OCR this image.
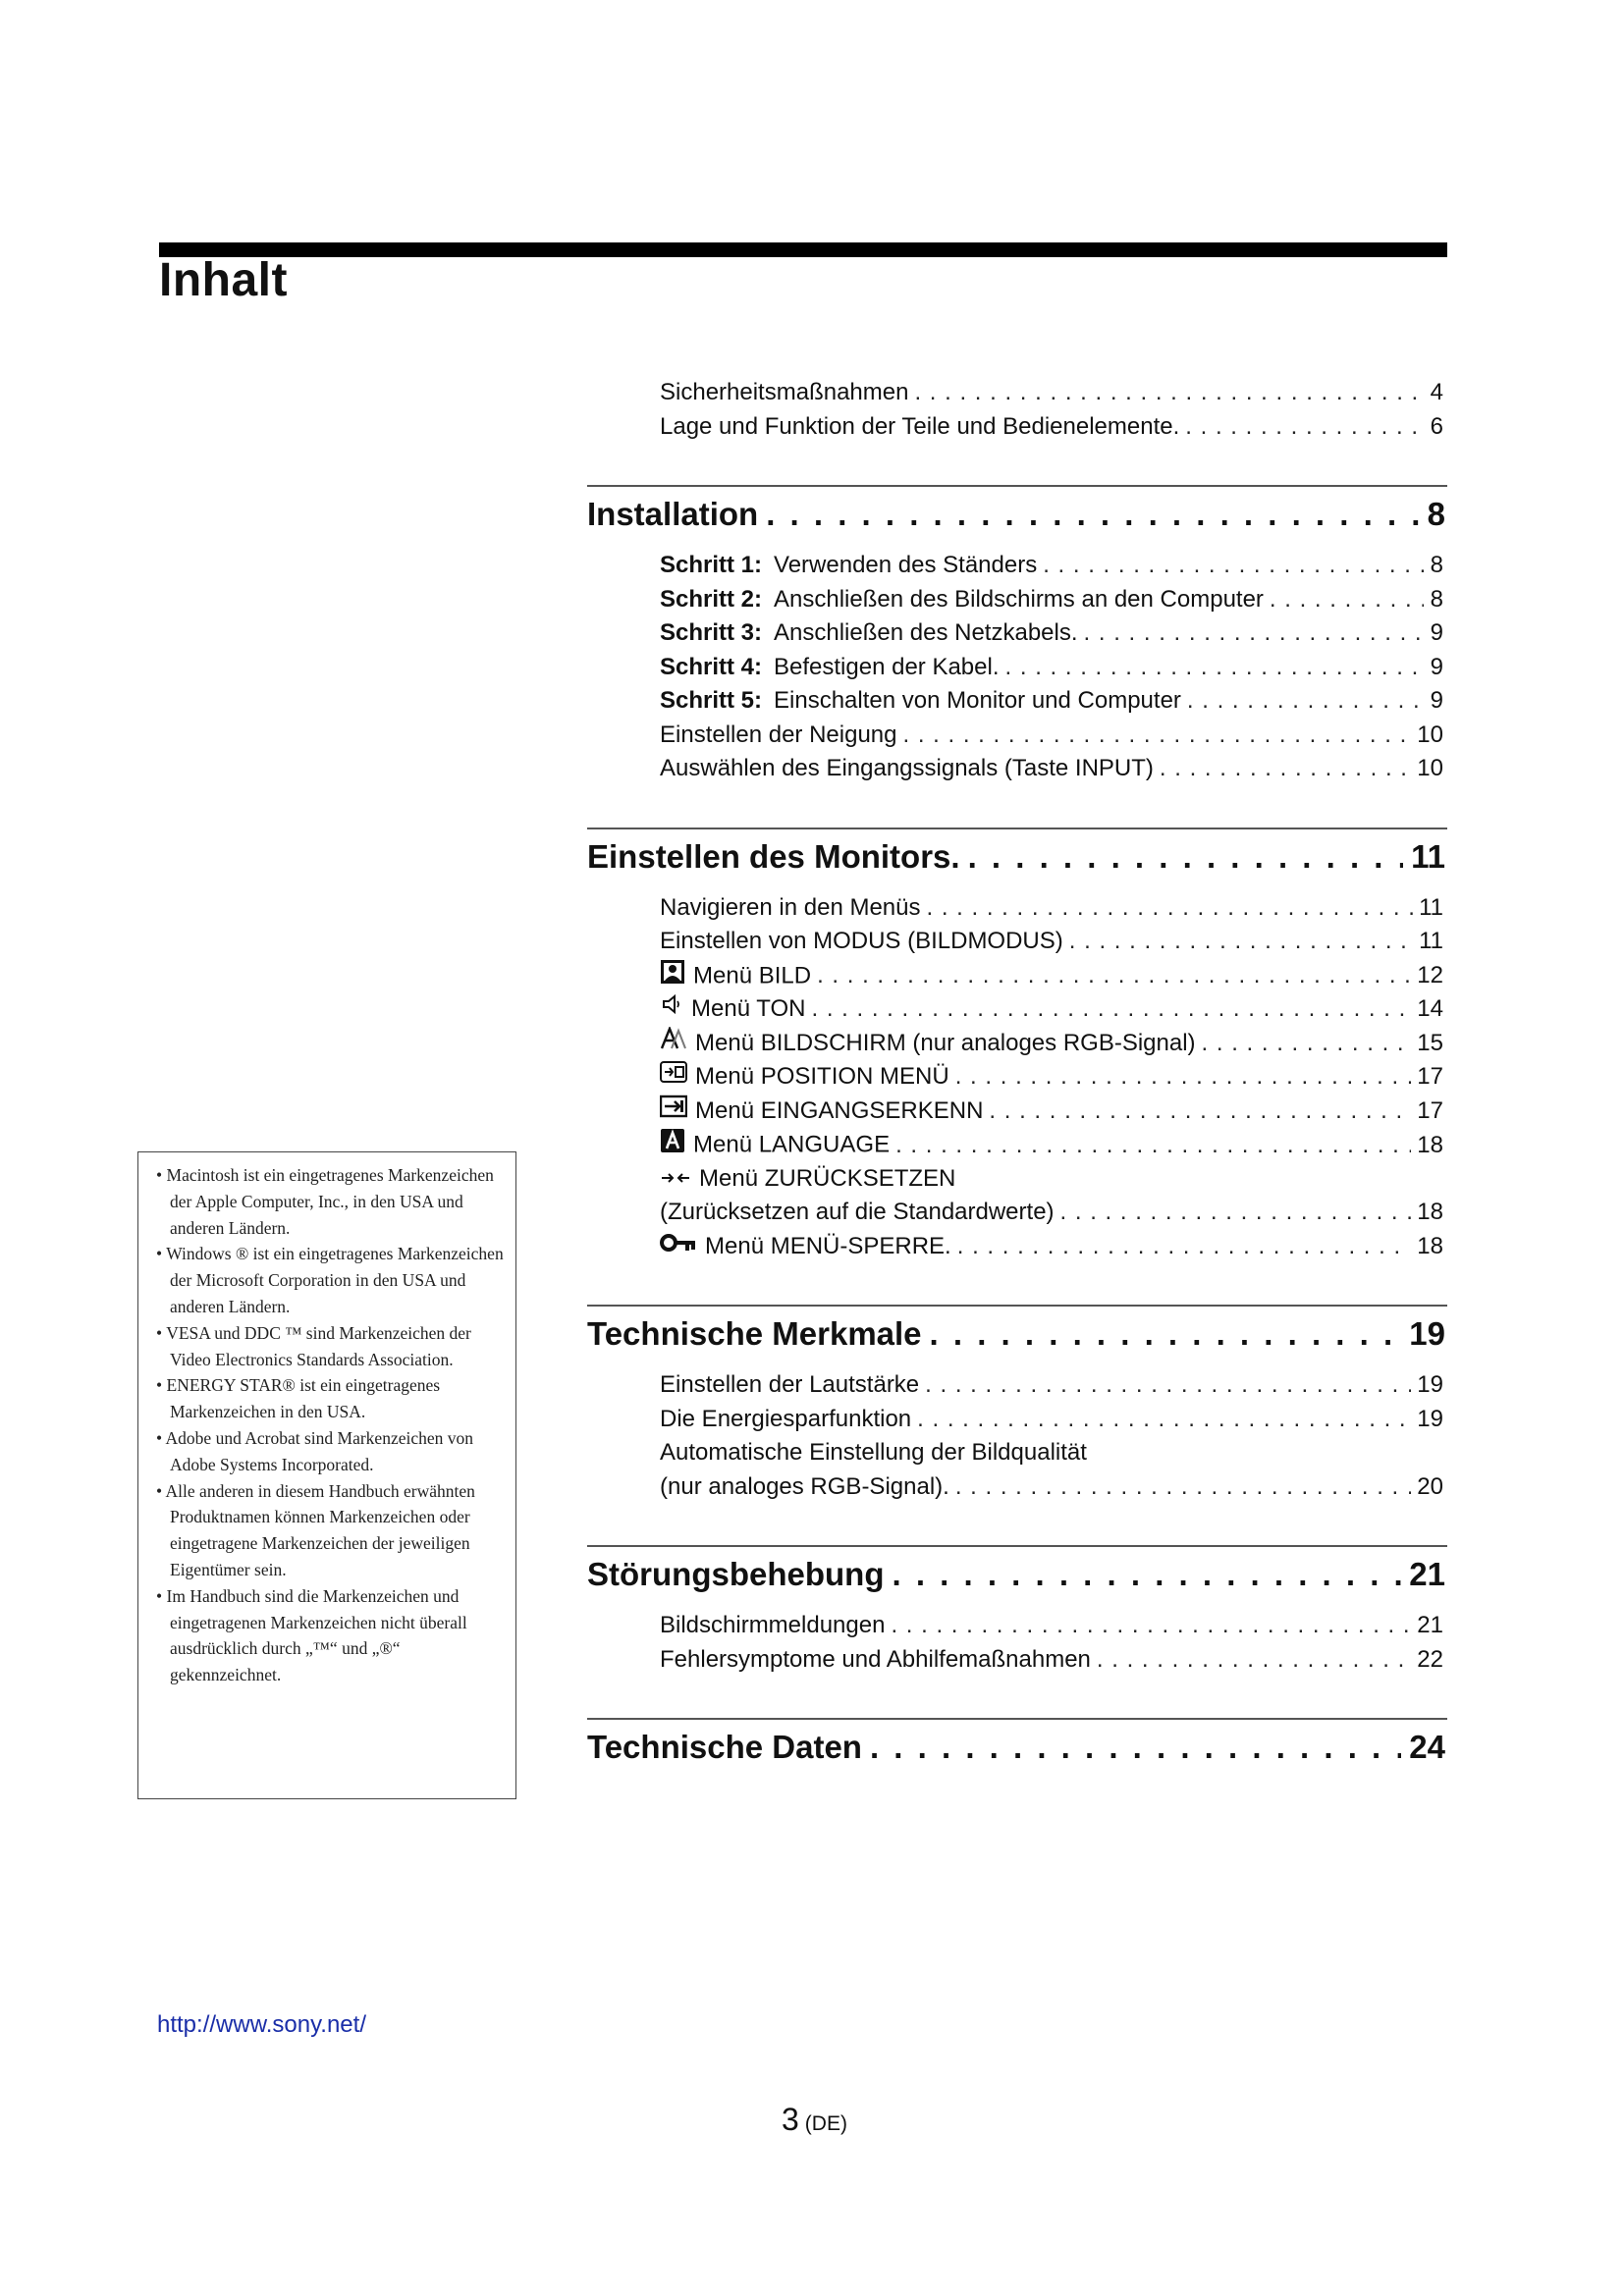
Inhalt
Sicherheitsmaßnahmen . . .	4
Lage und Funktion der Teile und Bedienelemente. . . .	6
Installation . . .	8
Schritt 1: Verwenden des Ständers . . .	8
Schritt 2: Anschließen des Bildschirms an den Computer . . .	8
Schritt 3: Anschließen des Netzkabels. . . .	9
Schritt 4: Befestigen der Kabel. . . .	9
Schritt 5: Einschalten von Monitor und Computer . . .	9
Einstellen der Neigung . . .	10
Auswählen des Eingangssignals (Taste INPUT) . . .	10
Einstellen des Monitors. . . .	11
Navigieren in den Menüs . . .	11
Einstellen von MODUS (BILDMODUS) . . .	11
Menü BILD . . .	12
Menü TON . . .	14
Menü BILDSCHIRM (nur analoges RGB-Signal) . . .	15
Menü POSITION MENÜ . . .	17
Menü EINGANGSERKENN . . .	17
Menü LANGUAGE . . .	18
Menü ZURÜCKSETZEN
(Zurücksetzen auf die Standardwerte) . . .	18
Menü MENÜ-SPERRE. . . .	18
Technische Merkmale . . .	19
Einstellen der Lautstärke . . .	19
Die Energiesparfunktion . . .	19
Automatische Einstellung der Bildqualität
(nur analoges RGB-Signal). . . .	20
Störungsbehebung . . .	21
Bildschirmmeldungen . . .	21
Fehlersymptome und Abhilfemaßnahmen . . .	22
Technische Daten . . .	24
• Macintosh ist ein eingetragenes Markenzeichen der Apple Computer, Inc., in den USA und anderen Ländern.
• Windows ® ist ein eingetragenes Markenzeichen der Microsoft Corporation in den USA und anderen Ländern.
• VESA und DDC ™ sind Markenzeichen der Video Electronics Standards Association.
• ENERGY STAR® ist ein eingetragenes Markenzeichen in den USA.
• Adobe und Acrobat sind Markenzeichen von Adobe Systems Incorporated.
• Alle anderen in diesem Handbuch erwähnten Produktnamen können Markenzeichen oder eingetragene Markenzeichen der jeweiligen Eigentümer sein.
• Im Handbuch sind die Markenzeichen und eingetragenen Markenzeichen nicht überall ausdrücklich durch „™“ und „®“ gekennzeichnet.
http://www.sony.net/
3 (DE)
